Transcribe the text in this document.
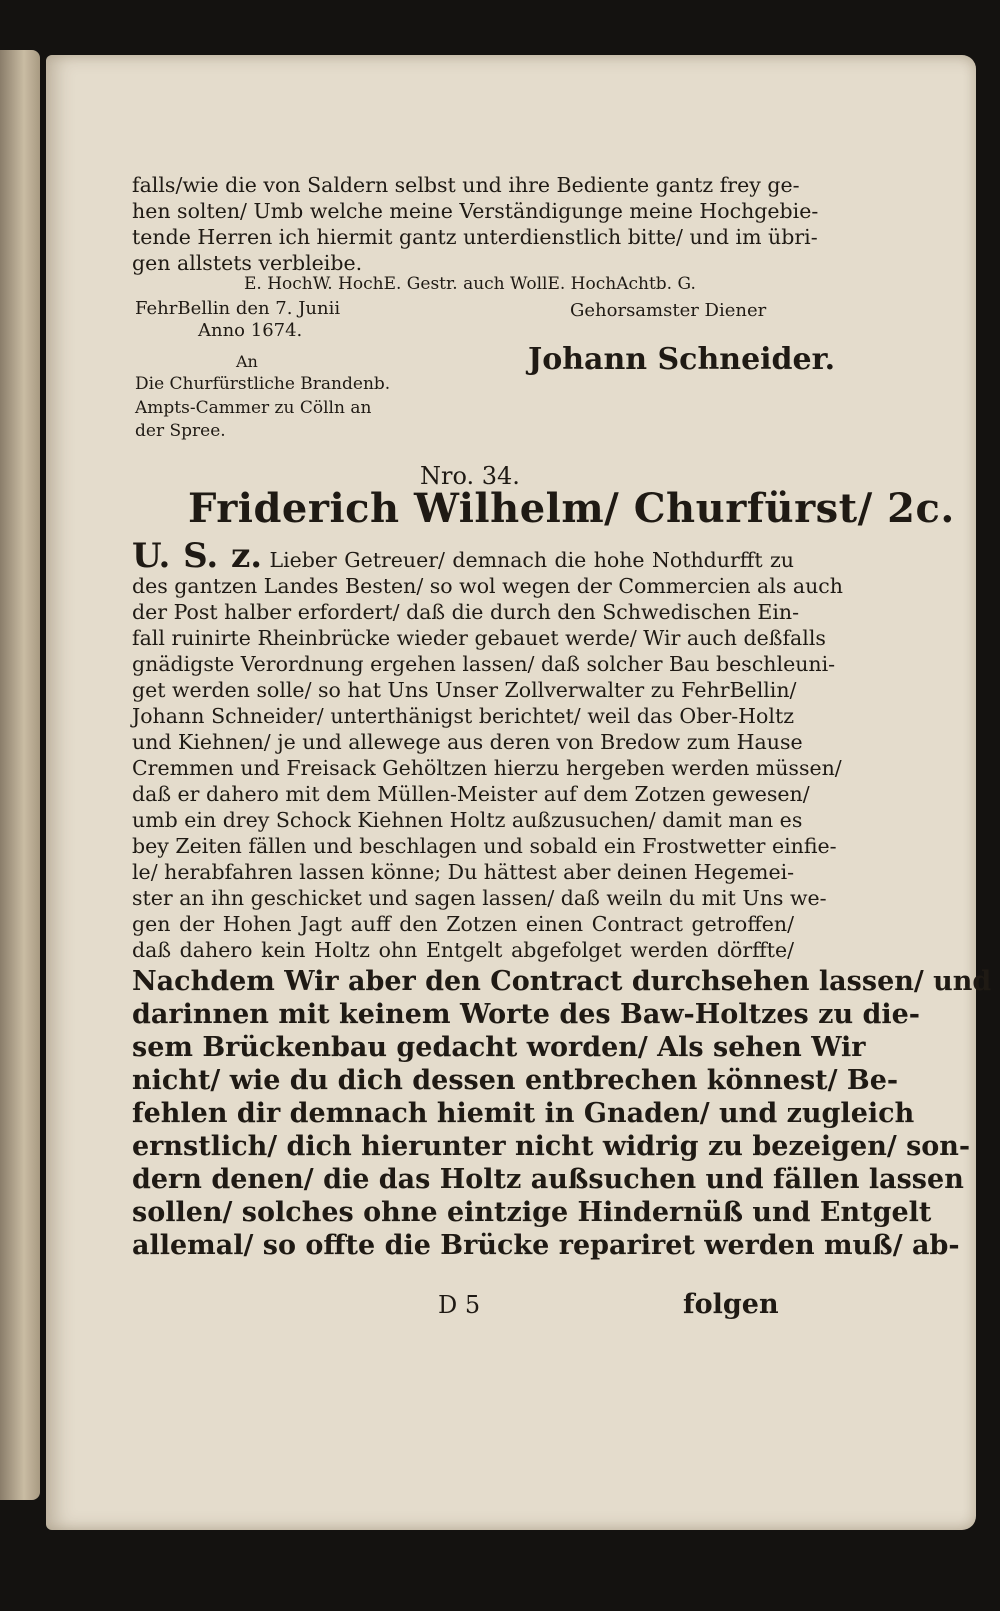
falls/wie die von Saldern selbst und ihre Bediente gantz frey ge-
hen solten/ Umb welche meine Verständigunge meine Hochgebie-
tende Herren ich hiermit gantz unterdienstlich bitte/ und im übri-
gen allstets verbleibe.
E. HochW. HochE. Gestr. auch WollE. HochAchtb. G.
FehrBellin den 7. Junii
Anno 1674.
Gehorsamster Diener
Johann Schneider.
An
Die Churfürstliche Brandenb.
Ampts-Cammer zu Cölln an
der Spree.
Nro. 34.
Friderich Wilhelm/ Churfürst/ 2c.
U. S. z. Lieber Getreuer/ demnach die hohe Nothdurfft zu
des gantzen Landes Besten/ so wol wegen der Commercien als auch
der Post halber erfordert/ daß die durch den Schwedischen Ein-
fall ruinirte Rheinbrücke wieder gebauet werde/ Wir auch deßfalls
gnädigste Verordnung ergehen lassen/ daß solcher Bau beschleuni-
get werden solle/ so hat Uns Unser Zollverwalter zu FehrBellin/
Johann Schneider/ unterthänigst berichtet/ weil das Ober-Holtz
und Kiehnen/ je und allewege aus deren von Bredow zum Hause
Cremmen und Freisack Gehöltzen hierzu hergeben werden müssen/
daß er dahero mit dem Müllen-Meister auf dem Zotzen gewesen/
umb ein drey Schock Kiehnen Holtz außzusuchen/ damit man es
bey Zeiten fällen und beschlagen und sobald ein Frostwetter einfie-
le/ herabfahren lassen könne; Du hättest aber deinen Hegemei-
ster an ihn geschicket und sagen lassen/ daß weiln du mit Uns we-
gen der Hohen Jagt auff den Zotzen einen Contract getroffen/
daß dahero kein Holtz ohn Entgelt abgefolget werden dörffte/
Nachdem Wir aber den Contract durchsehen lassen/ und
darinnen mit keinem Worte des Baw-Holtzes zu die-
sem Brückenbau gedacht worden/ Als sehen Wir
nicht/ wie du dich dessen entbrechen könnest/ Be-
fehlen dir demnach hiemit in Gnaden/ und zugleich
ernstlich/ dich hierunter nicht widrig zu bezeigen/ son-
dern denen/ die das Holtz außsuchen und fällen lassen
sollen/ solches ohne eintzige Hindernüß und Entgelt
allemal/ so offte die Brücke repariret werden muß/ ab-
D 5	folgen
